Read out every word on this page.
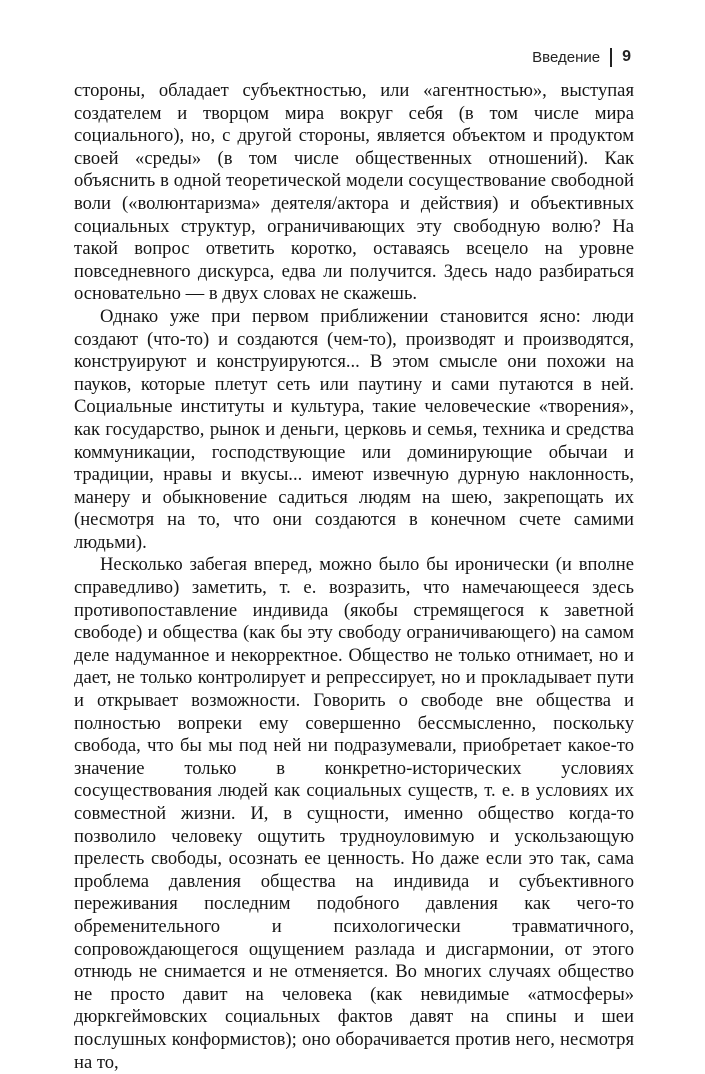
Введение 9

стороны, обладает субъектностью, или «агентностью», выступая создателем и творцом мира вокруг себя (в том числе мира социального), но, с другой стороны, является объектом и продуктом своей «среды» (в том числе общественных отношений). Как объяснить в одной теоретической модели сосуществование свободной воли («волюнтаризма» деятеля/актора и действия) и объективных социальных структур, ограничивающих эту свободную волю? На такой вопрос ответить коротко, оставаясь всецело на уровне повседневного дискурса, едва ли получится. Здесь надо разбираться основательно — в двух словах не скажешь.

Однако уже при первом приближении становится ясно: люди создают (что-то) и создаются (чем-то), производят и производятся, конструируют и конструируются... В этом смысле они похожи на пауков, которые плетут сеть или паутину и сами путаются в ней. Социальные институты и культура, такие человеческие «творения», как государство, рынок и деньги, церковь и семья, техника и средства коммуникации, господствующие или доминирующие обычаи и традиции, нравы и вкусы... имеют извечную дурную наклонность, манеру и обыкновение садиться людям на шею, закрепощать их (несмотря на то, что они создаются в конечном счете самими людьми).

Несколько забегая вперед, можно было бы иронически (и вполне справедливо) заметить, т. е. возразить, что намечающееся здесь противопоставление индивида (якобы стремящегося к заветной свободе) и общества (как бы эту свободу ограничивающего) на самом деле надуманное и некорректное. Общество не только отнимает, но и дает, не только контролирует и репрессирует, но и прокладывает пути и открывает возможности. Говорить о свободе вне общества и полностью вопреки ему совершенно бессмысленно, поскольку свобода, что бы мы под ней ни подразумевали, приобретает какое-то значение только в конкретно-исторических условиях сосуществования людей как социальных существ, т. е. в условиях их совместной жизни. И, в сущности, именно общество когда-то позволило человеку ощутить трудноуловимую и ускользающую прелесть свободы, осознать ее ценность. Но даже если это так, сама проблема давления общества на индивида и субъективного переживания последним подобного давления как чего-то обременительного и психологически травматичного, сопровождающегося ощущением разлада и дисгармонии, от этого отнюдь не снимается и не отменяется. Во многих случаях общество не просто давит на человека (как невидимые «атмосферы» дюркгеймовских социальных фактов давят на спины и шеи послушных конформистов); оно оборачивается против него, несмотря на то,
